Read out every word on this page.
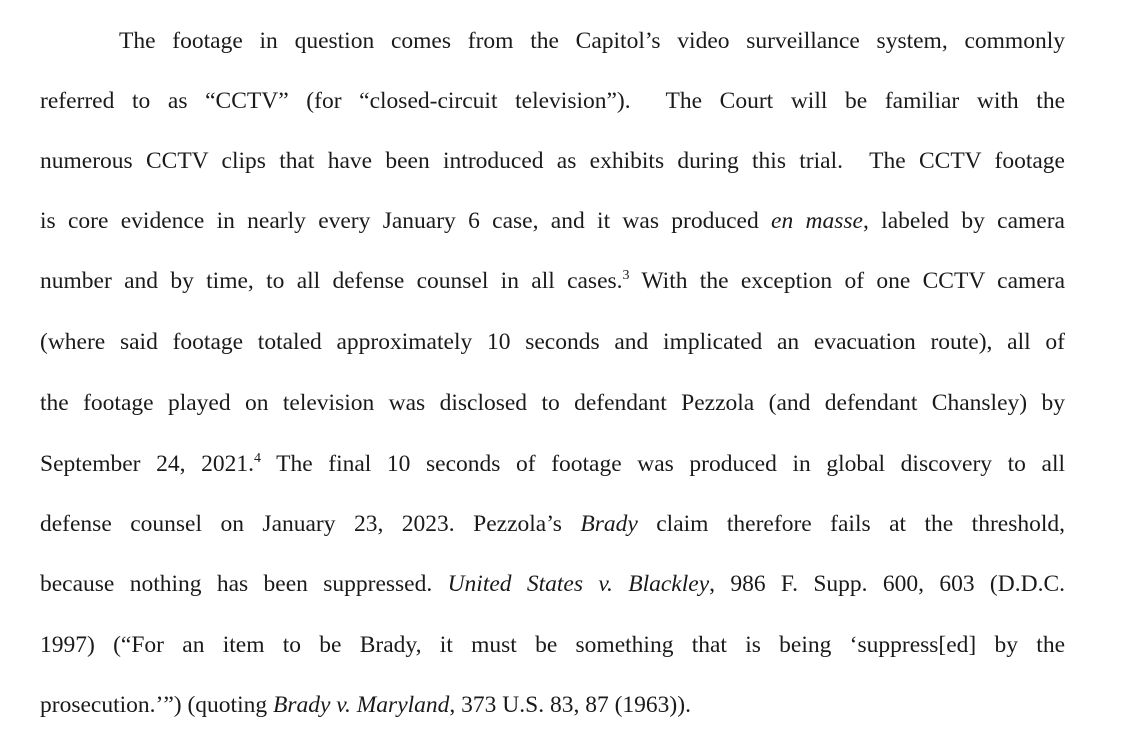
The footage in question comes from the Capitol’s video surveillance system, commonly
referred to as “CCTV” (for “closed-circuit television”).  The Court will be familiar with the
numerous CCTV clips that have been introduced as exhibits during this trial.  The CCTV footage
is core evidence in nearly every January 6 case, and it was produced en masse, labeled by camera
number and by time, to all defense counsel in all cases.$^3$ With the exception of one CCTV camera
(where said footage totaled approximately 10 seconds and implicated an evacuation route), all of
the footage played on television was disclosed to defendant Pezzola (and defendant Chansley) by
September 24, 2021.$^4$ The final 10 seconds of footage was produced in global discovery to all
defense counsel on January 23, 2023. Pezzola’s Brady claim therefore fails at the threshold,
because nothing has been suppressed. United States v. Blackley, 986 F. Supp. 600, 603 (D.D.C.
1997) (“For an item to be Brady, it must be something that is being ‘suppress[ed] by the
prosecution.’”) (quoting Brady v. Maryland, 373 U.S. 83, 87 (1963)).
